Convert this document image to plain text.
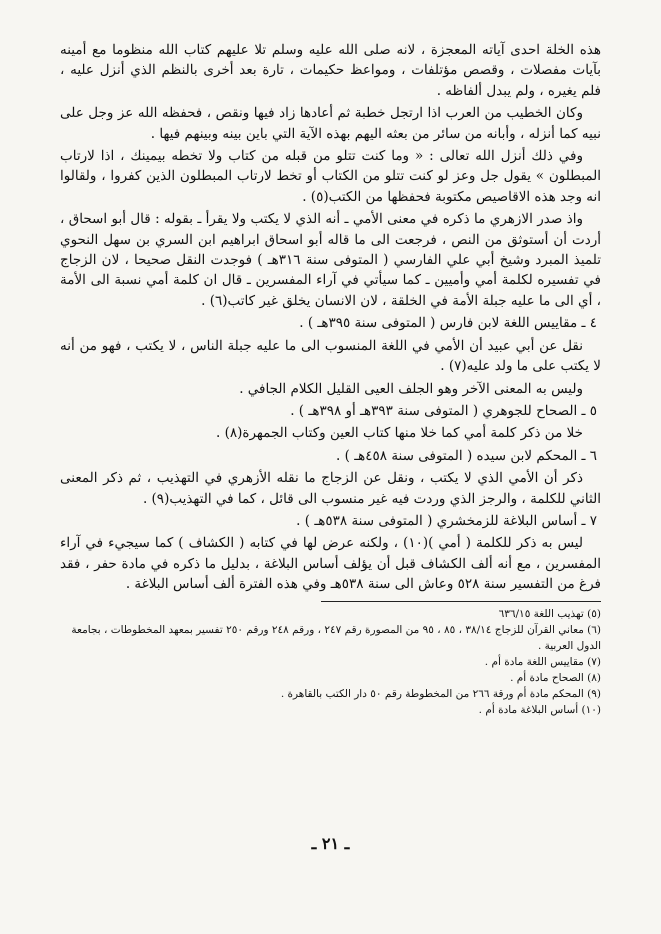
هذه الخلة احدى آياته المعجزة ، لانه صلى الله عليه وسلم تلا عليهم كتاب الله منظوما مع أمينه بآيات مفصلات ، وقصص مؤتلفات ، ومواعظ حكيمات ، تارة بعد أخرى بالنظم الذي أنزل عليه ، فلم يغيره ، ولم يبدل ألفاظه .

وكان الخطيب من العرب اذا ارتجل خطبة ثم أعادها زاد فيها ونقص ، فحفظه الله عز وجل على نبيه كما أنزله ، وأبانه من سائر من بعثه اليهم بهذه الآية التي باين بينه وبينهم فيها .

وفي ذلك أنزل الله تعالى : « وما كنت تتلو من قبله من كتاب ولا تخطه بيمينك ، اذا لارتاب المبطلون » يقول جل وعز لو كنت تتلو من الكتاب أو تخط لارتاب المبطلون الذين كفروا ، ولقالوا انه وجد هذه الاقاصيص مكتوبة فحفظها من الكتب(٥) .

واذ صدر الازهري ما ذكره في معنى الأمي ـ أنه الذي لا يكتب ولا يقرأ ـ بقوله : قال أبو اسحاق ، أردت أن أستوثق من النص ، فرجعت الى ما قاله أبو اسحاق ابراهيم ابن السري بن سهل النحوي تلميذ المبرد وشيخ أبي علي الفارسي ( المتوفى سنة ٣١٦هـ ) فوجدت النقل صحيحا ، لان الزجاج في تفسيره لكلمة أمي وأميين ـ كما سيأتي في آراء المفسرين ـ قال ان كلمة أمي نسبة الى الأمة ، أي الى ما عليه جبلة الأمة في الخلقة ، لان الانسان يخلق غير كاتب(٦) .

٤ ـ مقاييس اللغة لابن فارس ( المتوفى سنة ٣٩٥هـ ) .

نقل عن أبي عبيد أن الأمي في اللغة المنسوب الى ما عليه جبلة الناس ، لا يكتب ، فهو من أنه لا يكتب على ما ولد عليه(٧) .

وليس به المعنى الآخر وهو الجلف العيى القليل الكلام الجافي .

٥ ـ الصحاح للجوهري ( المتوفى سنة ٣٩٣هـ أو ٣٩٨هـ ) .

خلا من ذكر كلمة أمي كما خلا منها كتاب العين وكتاب الجمهرة(٨) .

٦ ـ المحكم لابن سيده ( المتوفى سنة ٤٥٨هـ ) .

ذكر أن الأمي الذي لا يكتب ، ونقل عن الزجاج ما نقله الأزهري في التهذيب ، ثم ذكر المعنى الثاني للكلمة ، والرجز الذي وردت فيه غير منسوب الى قائل ، كما في التهذيب(٩) .

٧ ـ أساس البلاغة للزمخشري ( المتوفى سنة ٥٣٨هـ ) .

ليس به ذكر للكلمة ( أمي )(١٠) ، ولكنه عرض لها في كتابه ( الكشاف ) كما سيجيء في آراء المفسرين ، مع أنه ألف الكشاف قبل أن يؤلف أساس البلاغة ، بدليل ما ذكره في مادة حفر ، فقد فرغ من التفسير سنة ٥٢٨ وعاش الى سنة ٥٣٨هـ وفي هذه الفترة ألف أساس البلاغة .

(٥) تهذيب اللغة ٦٣٦/١٥
(٦) معاني القرآن للزجاج ٣٨/١٤ ، ٨٥ ، ٩٥ من المصورة رقم ٢٤٧ ، ورقم ٢٤٨ ورقم ٢٥٠ تفسير بمعهد المخطوطات ، بجامعة الدول العربية .
(٧) مقاييس اللغة مادة أم .
(٨) الصحاح مادة أم .
(٩) المحكم مادة أم ورقة ٢٦٦ من المخطوطة رقم ٥٠ دار الكتب بالقاهرة .
(١٠) أساس البلاغة مادة أم .
ـ ٢١ ـ
